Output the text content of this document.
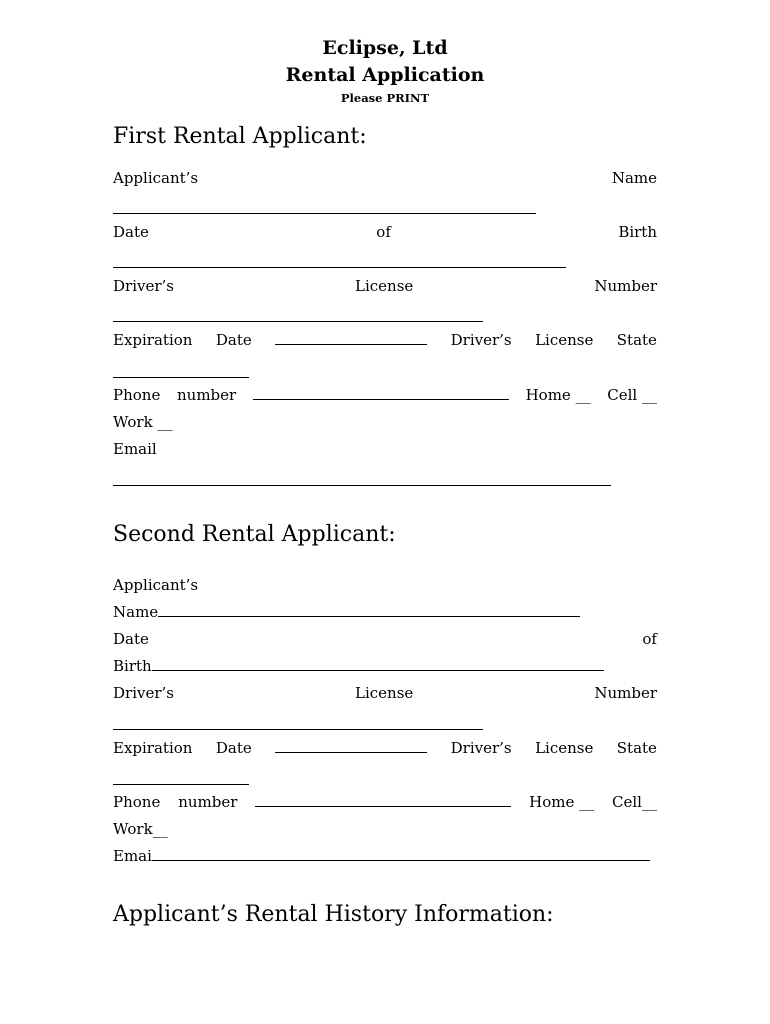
Eclipse, Ltd
Rental Application
Please PRINT
First Rental Applicant:
Applicant’s	Name
Date	of	Birth
Driver’s	License	Number
Expiration Date	Driver’s License State
Phone number	Home __ Cell __
Work __
Email
Second Rental Applicant:
Applicant’s
Name
Date	of
Birth
Driver’s	License	Number
Expiration Date	Driver’s License State
Phone number	Home __ Cell__
Work__
Emai
Applicant’s Rental History Information:
